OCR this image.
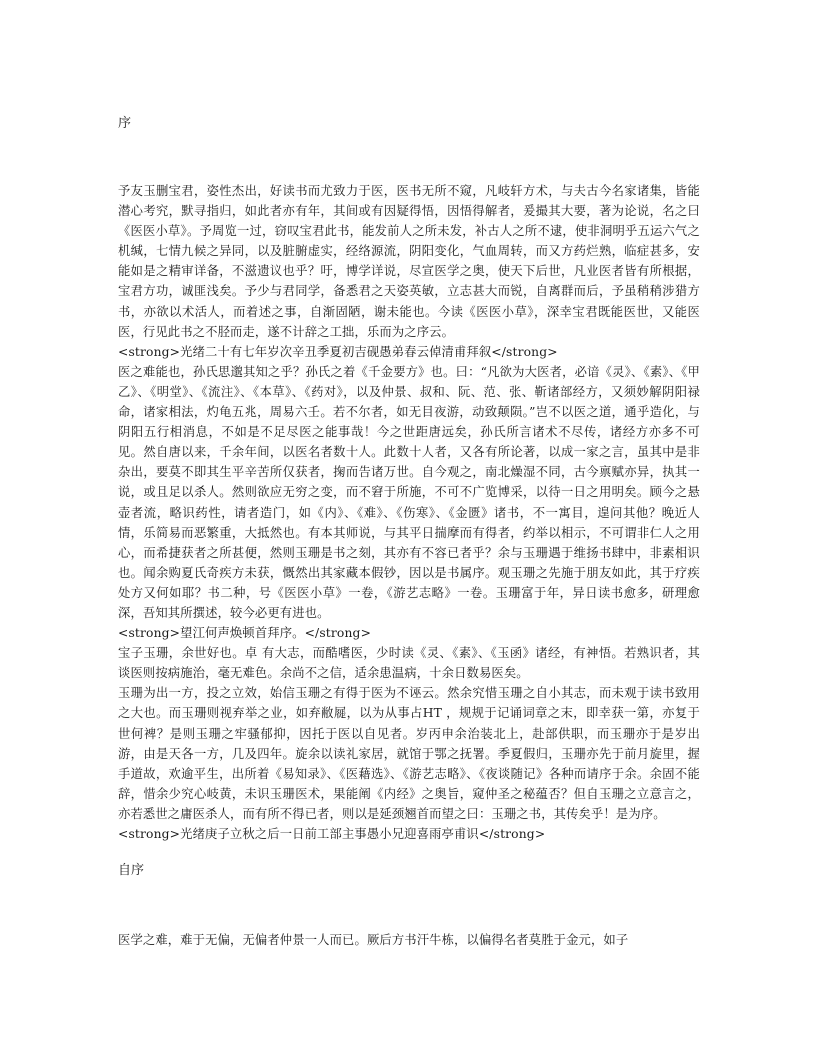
序

予友玉删宝君，姿性杰出，好读书而尤致力于医，医书无所不窥，凡岐轩方术，与夫古今名家诸集，皆能潜心考究，默寻指归，如此者亦有年，其间或有因疑得悟，因悟得解者，爰撮其大要，著为论说，名之曰《医医小草》。予周览一过，窃叹宝君此书，能发前人之所未发，补古人之所不逮，使非洞明乎五运六气之机缄，七情九候之异同，以及脏腑虚实，经络源流，阴阳变化，气血周转，而又方药烂熟，临症甚多，安能如是之精审详备，不滋遗议也乎？吁，博学详说，尽宣医学之奥，使天下后世，凡业医者皆有所根据，宝君方功，诚匪浅矣。予少与君同学，备悉君之天姿英敏，立志甚大而锐，自离群而后，予虽稍稍涉猎方书，亦欲以术活人，而着述之事，自渐固陋，谢未能也。今读《医医小草》，深幸宝君既能医世，又能医医，行见此书之不胫而走，遂不计辞之工拙，乐而为之序云。

<strong>光绪二十有七年岁次辛丑季夏初吉砚愚弟春云倬清甫拜叙</strong>

医之难能也，孙氏思邈其知之乎？孙氏之着《千金要方》也。曰：“凡欲为大医者，必谙《灵》、《素》、《甲乙》、《明堂》、《流注》、《本草》、《药对》，以及仲景、叔和、阮、范、张、靳诸部经方，又须妙解阴阳禄命，诸家相法，灼龟五兆，周易六壬。若不尔者，如无目夜游，动致颠陨。”岂不以医之道，通乎造化，与阴阳五行相消息，不如是不足尽医之能事哉！今之世距唐远矣，孙氏所言诸术不尽传，诸经方亦多不可见。然自唐以来，千余年间，以医名者数十人。此数十人者，又各有所论著，以成一家之言，虽其中是非杂出，要莫不即其生平辛苦所仅获者，掬而告诸万世。自今观之，南北燥湿不同，古今禀赋亦异，执其一说，或且足以杀人。然则欲应无穷之变，而不窘于所施，不可不广览博采，以待一日之用明矣。顾今之悬壶者流，略识药性，请者造门，如《内》、《难》、《伤寒》、《金匮》诸书，不一寓目，遑问其他？晚近人情，乐简易而恶繁重，大抵然也。有本其师说，与其平日揣摩而有得者，约举以相示，不可谓非仁人之用心，而希捷获者之所甚便，然则玉珊是书之刻，其亦有不容已者乎？余与玉珊遇于维扬书肆中，非素相识也。闻余购夏氏奇疾方未获，慨然出其家藏本假钞，因以是书属序。观玉珊之先施于朋友如此，其于疗疾处方又何如耶？书二种，号《医医小草》一卷，《游艺志略》一卷。玉珊富于年，异日读书愈多，研理愈深，吾知其所撰述，较今必更有进也。

<strong>望江何声焕顿首拜序。</strong>

宝子玉珊，余世好也。卓 有大志，而酷嗜医，少时读《灵、《素》、《玉函》诸经，有神悟。若熟识者，其谈医则按病施治，毫无难色。余尚不之信，适余患温病，十余日数易医矣。

玉珊为出一方，投之立效，始信玉珊之有得于医为不诬云。然余究惜玉珊之自小其志，而未观于读书致用之大也。而玉珊则视弃举之业，如弃敝屣，以为从事占HT ，规规于记诵词章之末，即幸获一第，亦复于世何裨？是则玉珊之牢骚郁抑，因托于医以自见者。岁丙申余治装北上，赴部供职，而玉珊亦于是岁出游，由是天各一方，几及四年。旋余以读礼家居，就馆于鄂之抚署。季夏假归，玉珊亦先于前月旋里，握手道故，欢逾平生，出所着《易知录》、《医藉选》、《游艺志略》、《夜谈随记》各种而请序于余。余固不能辞，惜余少究心岐黄，未识玉珊医术，果能阐《内经》之奥旨，窥仲圣之秘蕴否？但自玉珊之立意言之，亦若悉世之庸医杀人，而有所不得已者，则以是延颈翘首而望之曰：玉珊之书，其传矣乎！是为序。

<strong>光绪庚子立秋之后一日前工部主事愚小兄迎喜雨亭甫识</strong>

自序

医学之难，难于无偏，无偏者仲景一人而已。厥后方书汗牛栋，以偏得名者莫胜于金元，如子
